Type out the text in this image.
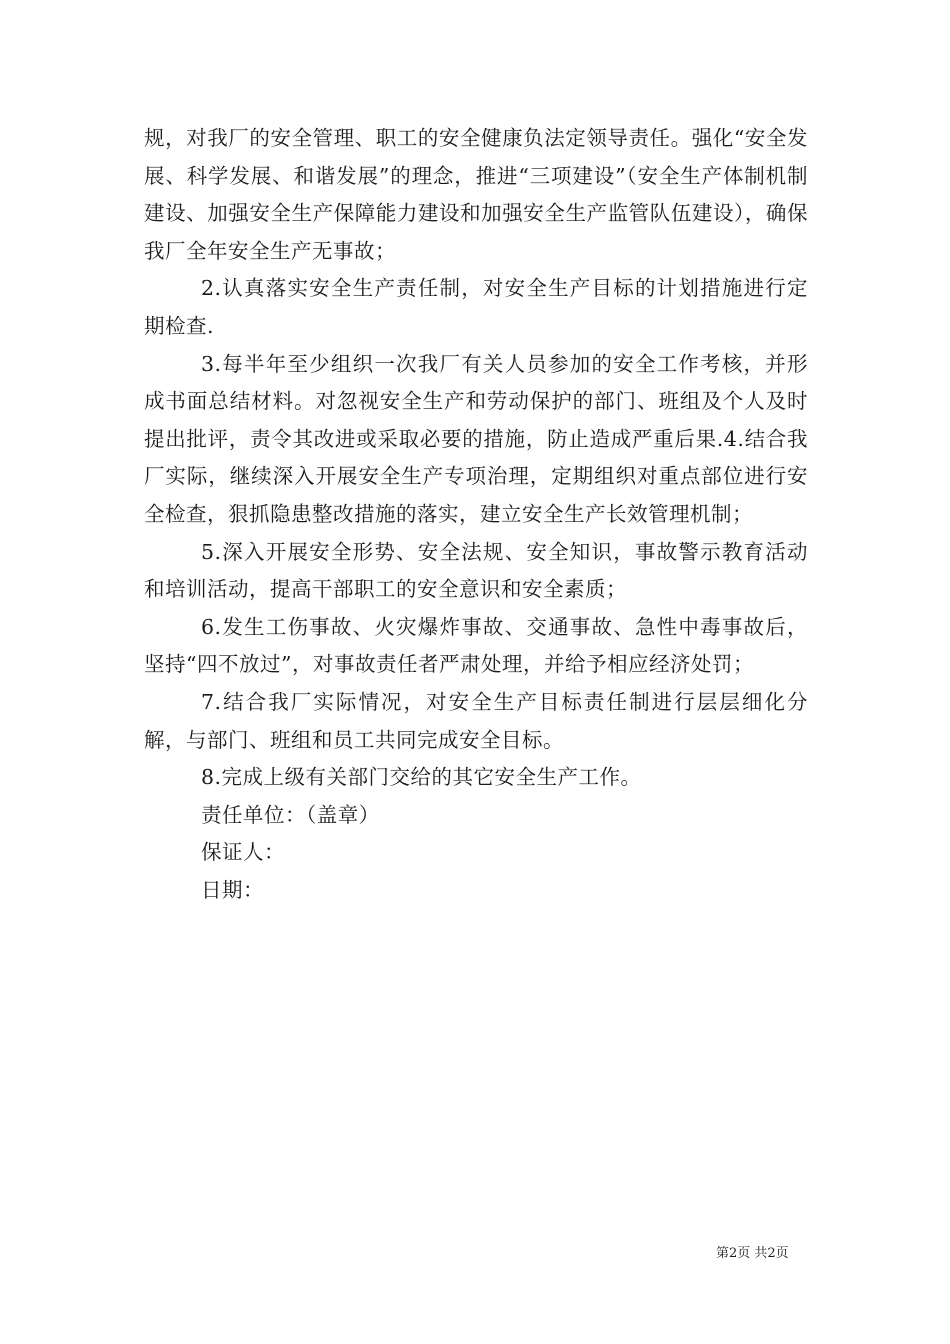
规，对我厂的安全管理、职工的安全健康负法定领导责任。强化“安全发展、科学发展、和谐发展”的理念，推进“三项建设”（安全生产体制机制建设、加强安全生产保障能力建设和加强安全生产监管队伍建设），确保我厂全年安全生产无事故；

2.认真落实安全生产责任制，对安全生产目标的计划措施进行定期检查.

3.每半年至少组织一次我厂有关人员参加的安全工作考核，并形成书面总结材料。对忽视安全生产和劳动保护的部门、班组及个人及时提出批评，责令其改进或采取必要的措施，防止造成严重后果.4.结合我厂实际，继续深入开展安全生产专项治理，定期组织对重点部位进行安全检查，狠抓隐患整改措施的落实，建立安全生产长效管理机制；

5.深入开展安全形势、安全法规、安全知识，事故警示教育活动和培训活动，提高干部职工的安全意识和安全素质；

6.发生工伤事故、火灾爆炸事故、交通事故、急性中毒事故后，坚持“四不放过”，对事故责任者严肃处理，并给予相应经济处罚；

7.结合我厂实际情况，对安全生产目标责任制进行层层细化分解，与部门、班组和员工共同完成安全目标。

8.完成上级有关部门交给的其它安全生产工作。

责任单位：（盖章）

保证人：

日期：

第2页 共2页
